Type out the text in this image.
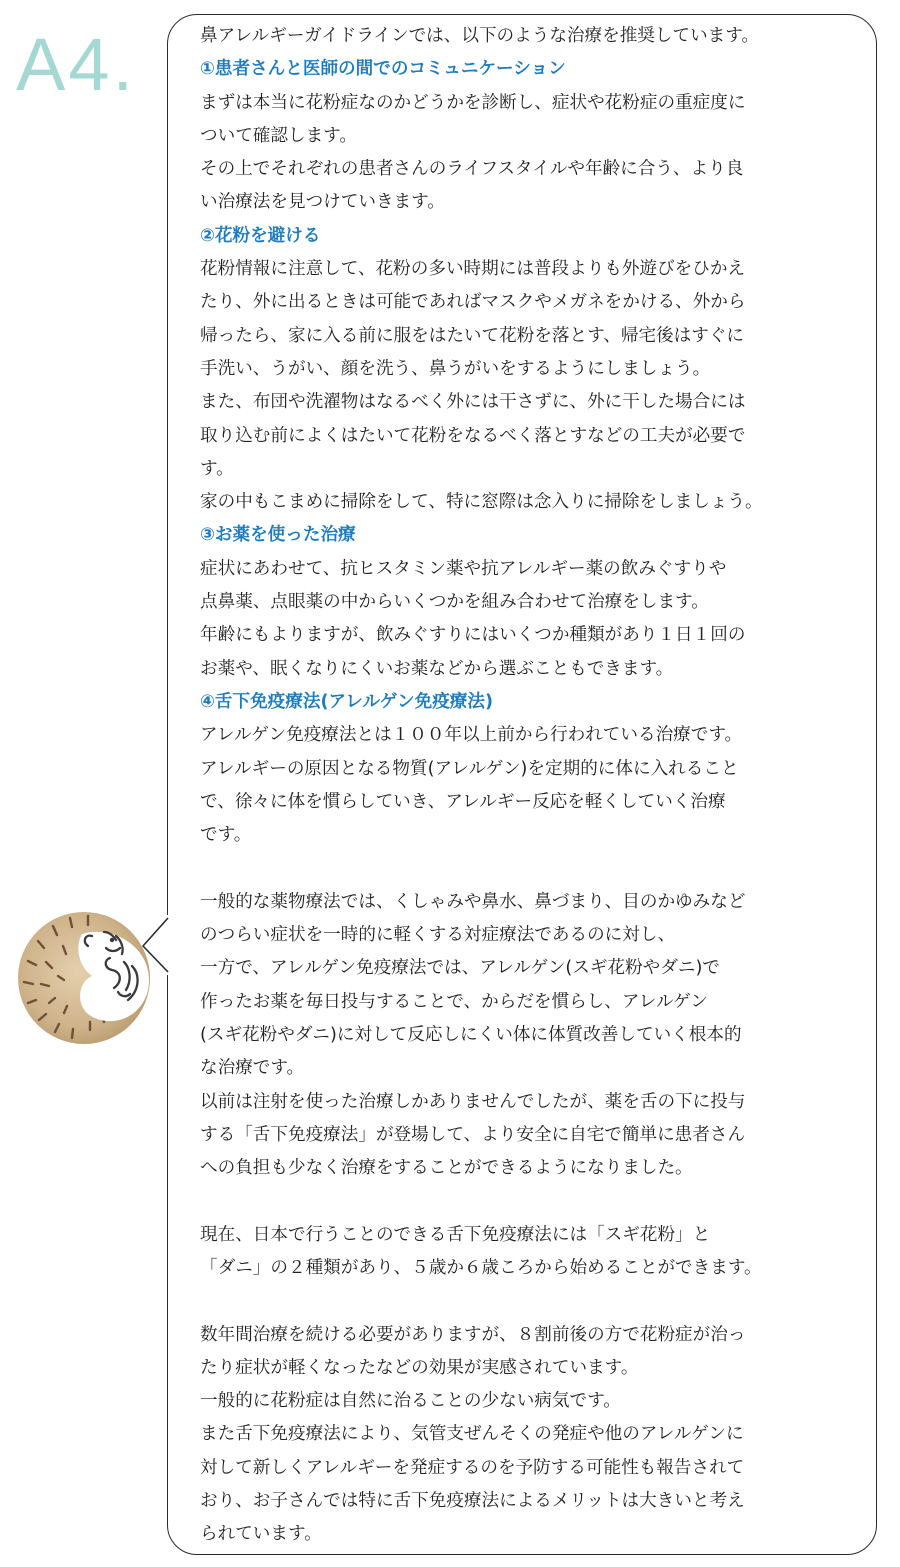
A4.	鼻アレルギーガイドラインでは、以下のような治療を推奨しています。
①患者さんと医師の間でのコミュニケーション
まずは本当に花粉症なのかどうかを診断し、症状や花粉症の重症度に
ついて確認します。
その上でそれぞれの患者さんのライフスタイルや年齢に合う、より良
い治療法を見つけていきます。
②花粉を避ける
花粉情報に注意して、花粉の多い時期には普段よりも外遊びをひかえ
たり、外に出るときは可能であればマスクやメガネをかける、外から
帰ったら、家に入る前に服をはたいて花粉を落とす、帰宅後はすぐに
手洗い、うがい、顔を洗う、鼻うがいをするようにしましょう。
また、布団や洗濯物はなるべく外には干さずに、外に干した場合には
取り込む前によくはたいて花粉をなるべく落とすなどの工夫が必要で
す。
家の中もこまめに掃除をして、特に窓際は念入りに掃除をしましょう。
③お薬を使った治療
症状にあわせて、抗ヒスタミン薬や抗アレルギー薬の飲みぐすりや
点鼻薬、点眼薬の中からいくつかを組み合わせて治療をします。
年齢にもよりますが、飲みぐすりにはいくつか種類があり１日１回の
お薬や、眠くなりにくいお薬などから選ぶこともできます。
④舌下免疫療法(アレルゲン免疫療法)
アレルゲン免疫療法とは１００年以上前から行われている治療です。
アレルギーの原因となる物質(アレルゲン)を定期的に体に入れること
で、徐々に体を慣らしていき、アレルギー反応を軽くしていく治療
です。
一般的な薬物療法では、くしゃみや鼻水、鼻づまり、目のかゆみなど
のつらい症状を一時的に軽くする対症療法であるのに対し、
一方で、アレルゲン免疫療法では、アレルゲン(スギ花粉やダニ)で
作ったお薬を毎日投与することで、からだを慣らし、アレルゲン
(スギ花粉やダニ)に対して反応しにくい体に体質改善していく根本的
な治療です。
以前は注射を使った治療しかありませんでしたが、薬を舌の下に投与
する「舌下免疫療法」が登場して、より安全に自宅で簡単に患者さん
への負担も少なく治療をすることができるようになりました。
現在、日本で行うことのできる舌下免疫療法には「スギ花粉」と
「ダニ」の２種類があり、５歳か６歳ころから始めることができます。
数年間治療を続ける必要がありますが、８割前後の方で花粉症が治っ
たり症状が軽くなったなどの効果が実感されています。
一般的に花粉症は自然に治ることの少ない病気です。
また舌下免疫療法により、気管支ぜんそくの発症や他のアレルゲンに
対して新しくアレルギーを発症するのを予防する可能性も報告されて
おり、お子さんでは特に舌下免疫療法によるメリットは大きいと考え
られています。
